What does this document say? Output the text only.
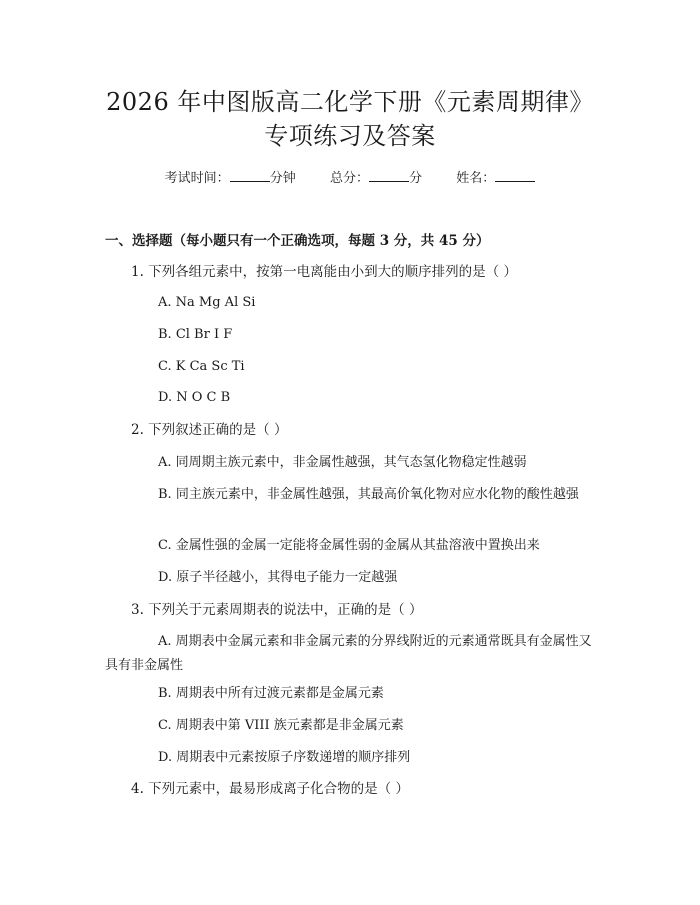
2026 年中图版高二化学下册《元素周期律》
专项练习及答案
考试时间：	分钟	总分：	分	姓名：
一、选择题（每小题只有一个正确选项，每题 3 分，共 45 分）
1. 下列各组元素中，按第一电离能由小到大的顺序排列的是（ ）
A. Na Mg Al Si
B. Cl Br I F
C. K Ca Sc Ti
D. N O C B
2. 下列叙述正确的是（ ）
A. 同周期主族元素中，非金属性越强，其气态氢化物稳定性越弱
B. 同主族元素中，非金属性越强，其最高价氧化物对应水化物的酸性越强
C. 金属性强的金属一定能将金属性弱的金属从其盐溶液中置换出来
D. 原子半径越小，其得电子能力一定越强
3. 下列关于元素周期表的说法中，正确的是（ ）
A. 周期表中金属元素和非金属元素的分界线附近的元素通常既具有金属性又具有非金属性
B. 周期表中所有过渡元素都是金属元素
C. 周期表中第 VIII 族元素都是非金属元素
D. 周期表中元素按原子序数递增的顺序排列
4. 下列元素中，最易形成离子化合物的是（ ）
